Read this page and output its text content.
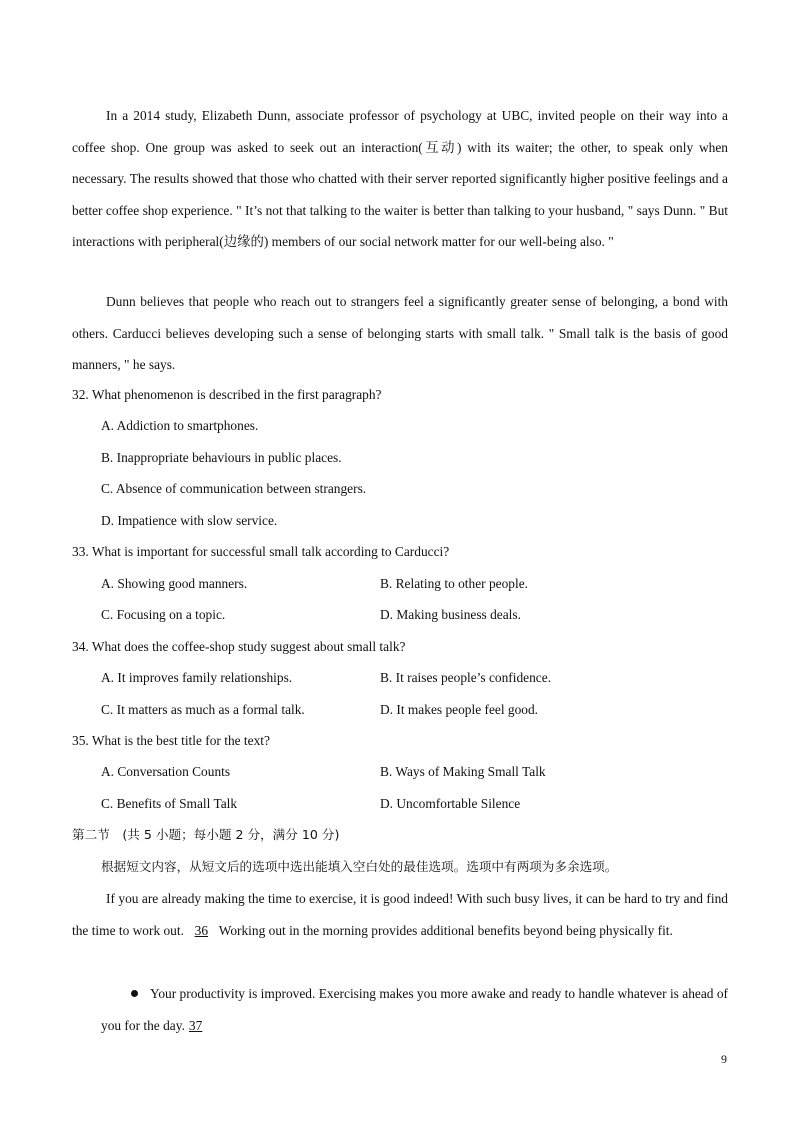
In a 2014 study, Elizabeth Dunn, associate professor of psychology at UBC, invited people on their way into a coffee shop. One group was asked to seek out an interaction(互动) with its waiter; the other, to speak only when necessary. The results showed that those who chatted with their server reported significantly higher positive feelings and a better coffee shop experience. " It’s not that talking to the waiter is better than talking to your husband, " says Dunn. " But interactions with peripheral(边缘的) members of our social network matter for our well-being also. "

Dunn believes that people who reach out to strangers feel a significantly greater sense of belonging, a bond with others. Carducci believes developing such a sense of belonging starts with small talk. " Small talk is the basis of good manners, " he says.

32. What phenomenon is described in the first paragraph?
A. Addiction to smartphones.
B. Inappropriate behaviours in public places.
C. Absence of communication between strangers.
D. Impatience with slow service.
33. What is important for successful small talk according to Carducci?
A. Showing good manners.	B. Relating to other people.
C. Focusing on a topic.	D. Making business deals.
34. What does the coffee-shop study suggest about small talk?
A. It improves family relationships.	B. It raises people’s confidence.
C. It matters as much as a formal talk.	D. It makes people feel good.
35. What is the best title for the text?
A. Conversation Counts	B. Ways of Making Small Talk
C. Benefits of Small Talk	D. Uncomfortable Silence
第二节　(共 5 小题；每小题 2 分，满分 10 分)
根据短文内容，从短文后的选项中选出能填入空白处的最佳选项。选项中有两项为多余选项。

If you are already making the time to exercise, it is good indeed! With such busy lives, it can be hard to try and find the time to work out. 36 Working out in the morning provides additional benefits beyond being physically fit.

Your productivity is improved. Exercising makes you more awake and ready to handle whatever is ahead of you for the day. 37

9
